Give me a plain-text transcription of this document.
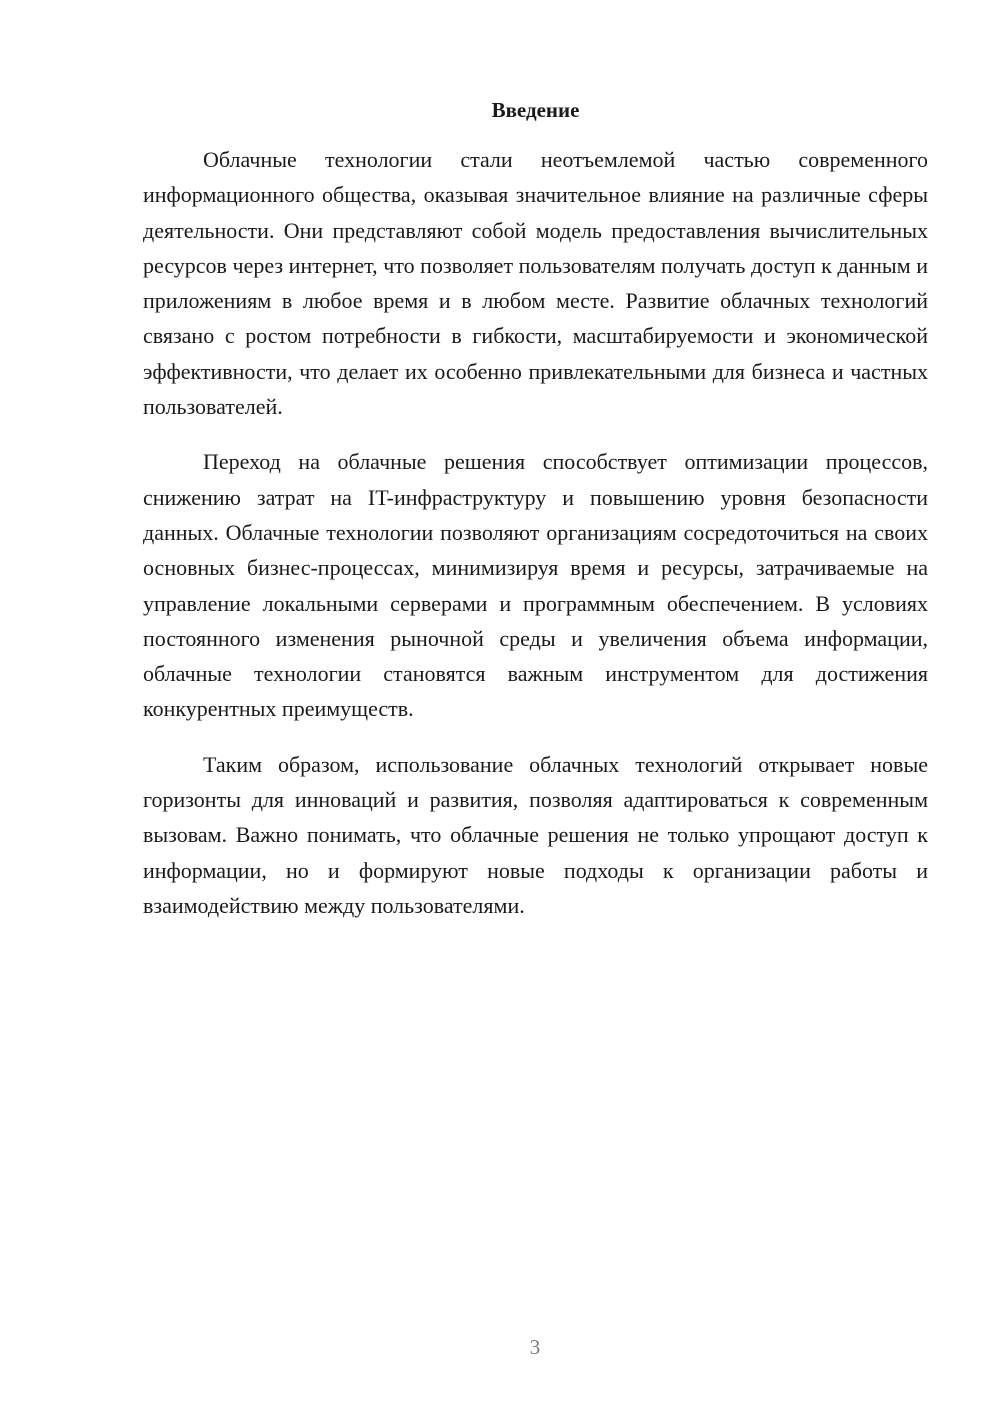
Введение

Облачные технологии стали неотъемлемой частью современного информационного общества, оказывая значительное влияние на различные сферы деятельности. Они представляют собой модель предоставления вычислительных ресурсов через интернет, что позволяет пользователям получать доступ к данным и приложениям в любое время и в любом месте. Развитие облачных технологий связано с ростом потребности в гибкости, масштабируемости и экономической эффективности, что делает их особенно привлекательными для бизнеса и частных пользователей.

Переход на облачные решения способствует оптимизации процессов, снижению затрат на IT-инфраструктуру и повышению уровня безопасности данных. Облачные технологии позволяют организациям сосредоточиться на своих основных бизнес-процессах, минимизируя время и ресурсы, затрачиваемые на управление локальными серверами и программным обеспечением. В условиях постоянного изменения рыночной среды и увеличения объема информации, облачные технологии становятся важным инструментом для достижения конкурентных преимуществ.

Таким образом, использование облачных технологий открывает новые горизонты для инноваций и развития, позволяя адаптироваться к современным вызовам. Важно понимать, что облачные решения не только упрощают доступ к информации, но и формируют новые подходы к организации работы и взаимодействию между пользователями.

3
